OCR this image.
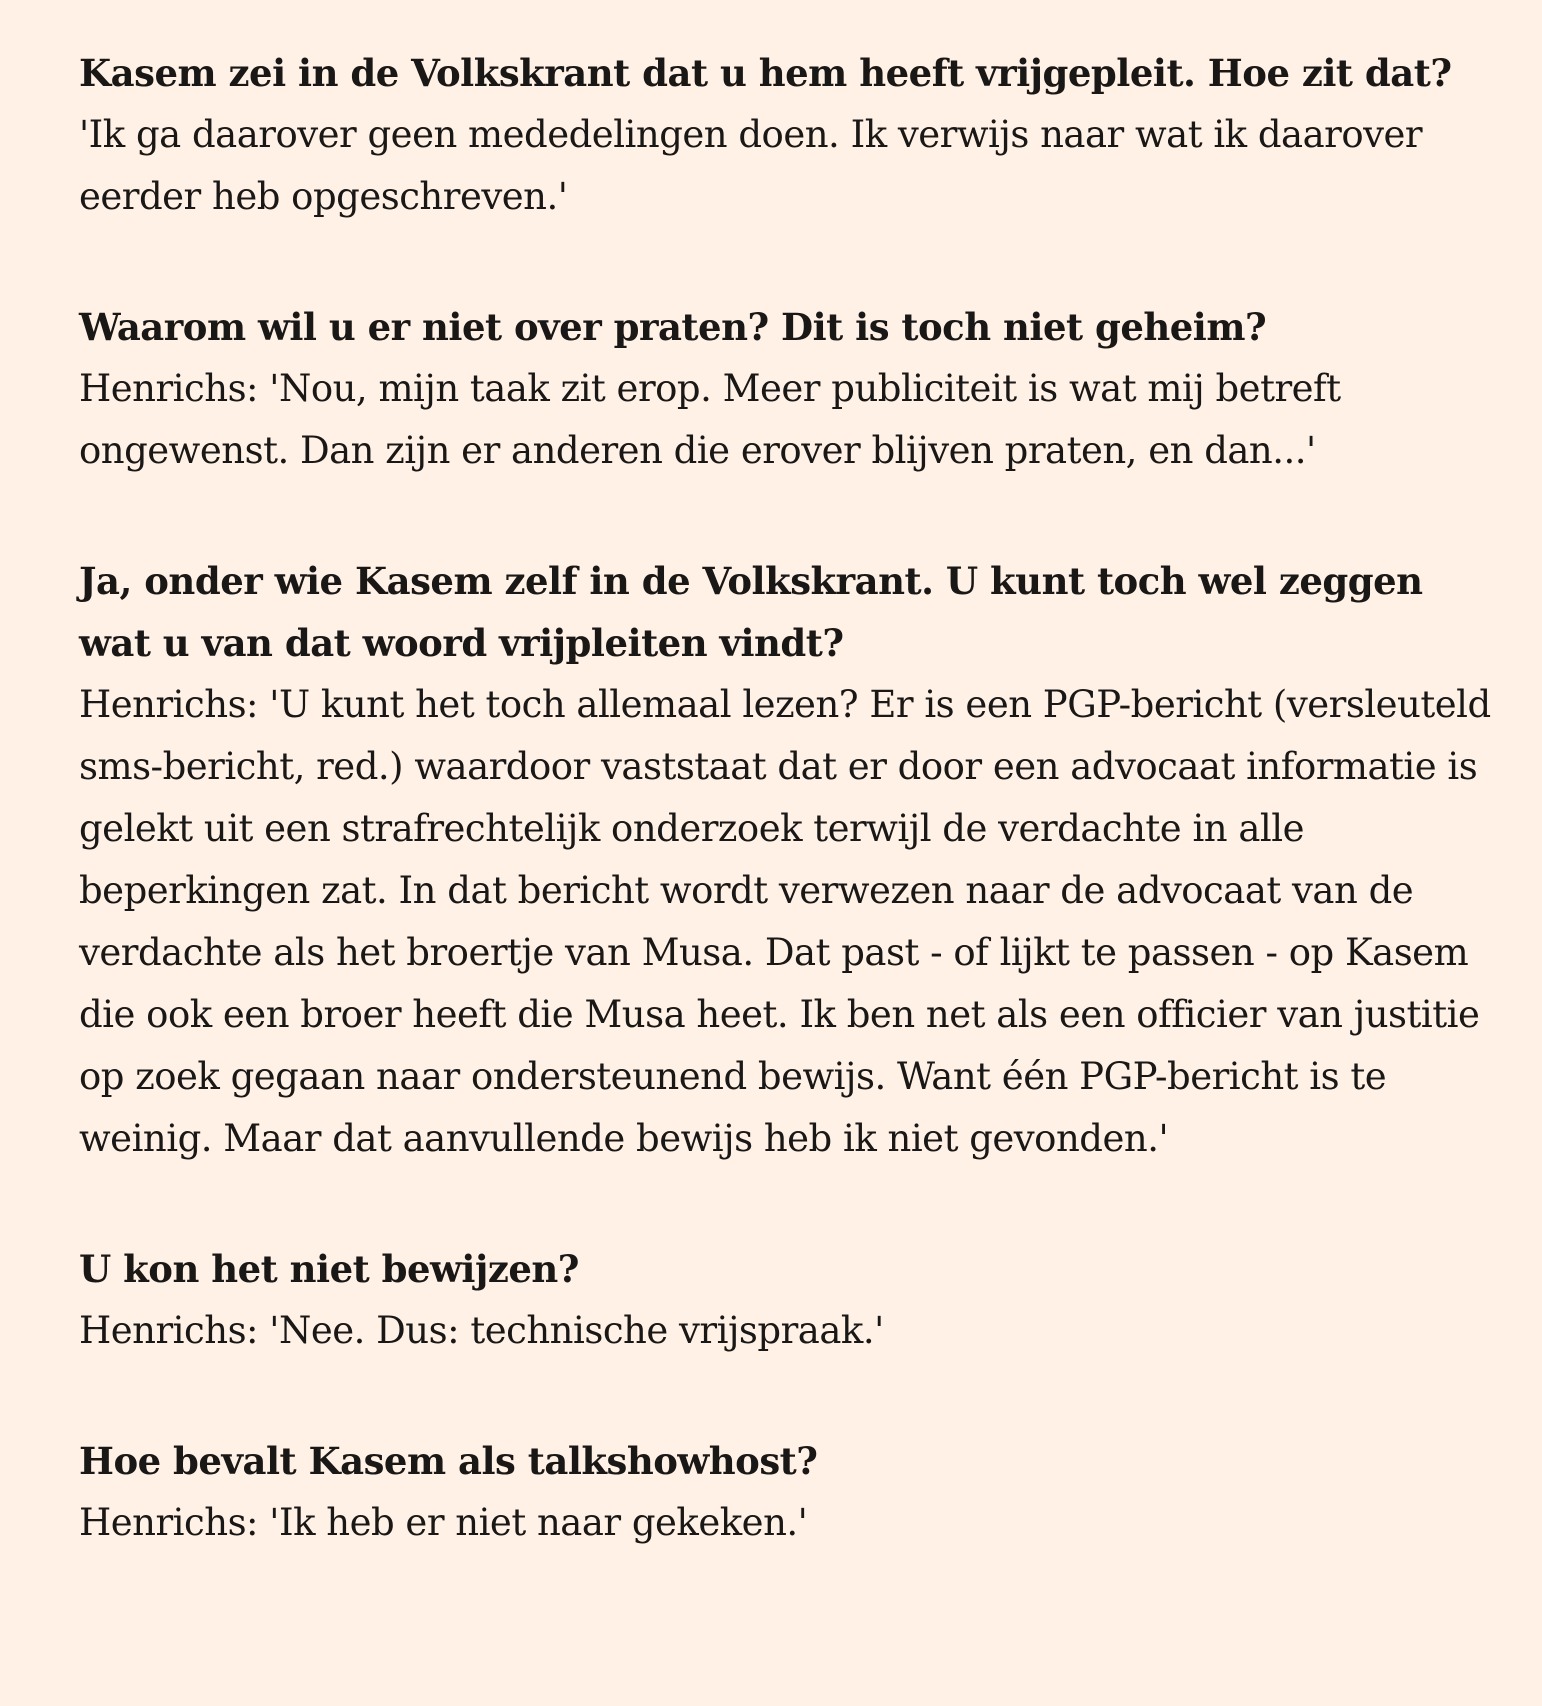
Kasem zei in de Volkskrant dat u hem heeft vrijgepleit. Hoe zit dat?

'Ik ga daarover geen mededelingen doen. Ik verwijs naar wat ik daarover eerder heb opgeschreven.'

Waarom wil u er niet over praten? Dit is toch niet geheim?

Henrichs: 'Nou, mijn taak zit erop. Meer publiciteit is wat mij betreft ongewenst. Dan zijn er anderen die erover blijven praten, en dan...'

Ja, onder wie Kasem zelf in de Volkskrant. U kunt toch wel zeggen wat u van dat woord vrijpleiten vindt?

Henrichs: 'U kunt het toch allemaal lezen? Er is een PGP-bericht (versleuteld sms-bericht, red.) waardoor vaststaat dat er door een advocaat informatie is gelekt uit een strafrechtelijk onderzoek terwijl de verdachte in alle beperkingen zat. In dat bericht wordt verwezen naar de advocaat van de verdachte als het broertje van Musa. Dat past - of lijkt te passen - op Kasem die ook een broer heeft die Musa heet. Ik ben net als een officier van justitie op zoek gegaan naar ondersteunend bewijs. Want één PGP-bericht is te weinig. Maar dat aanvullende bewijs heb ik niet gevonden.'

U kon het niet bewijzen?

Henrichs: 'Nee. Dus: technische vrijspraak.'

Hoe bevalt Kasem als talkshowhost?

Henrichs: 'Ik heb er niet naar gekeken.'
